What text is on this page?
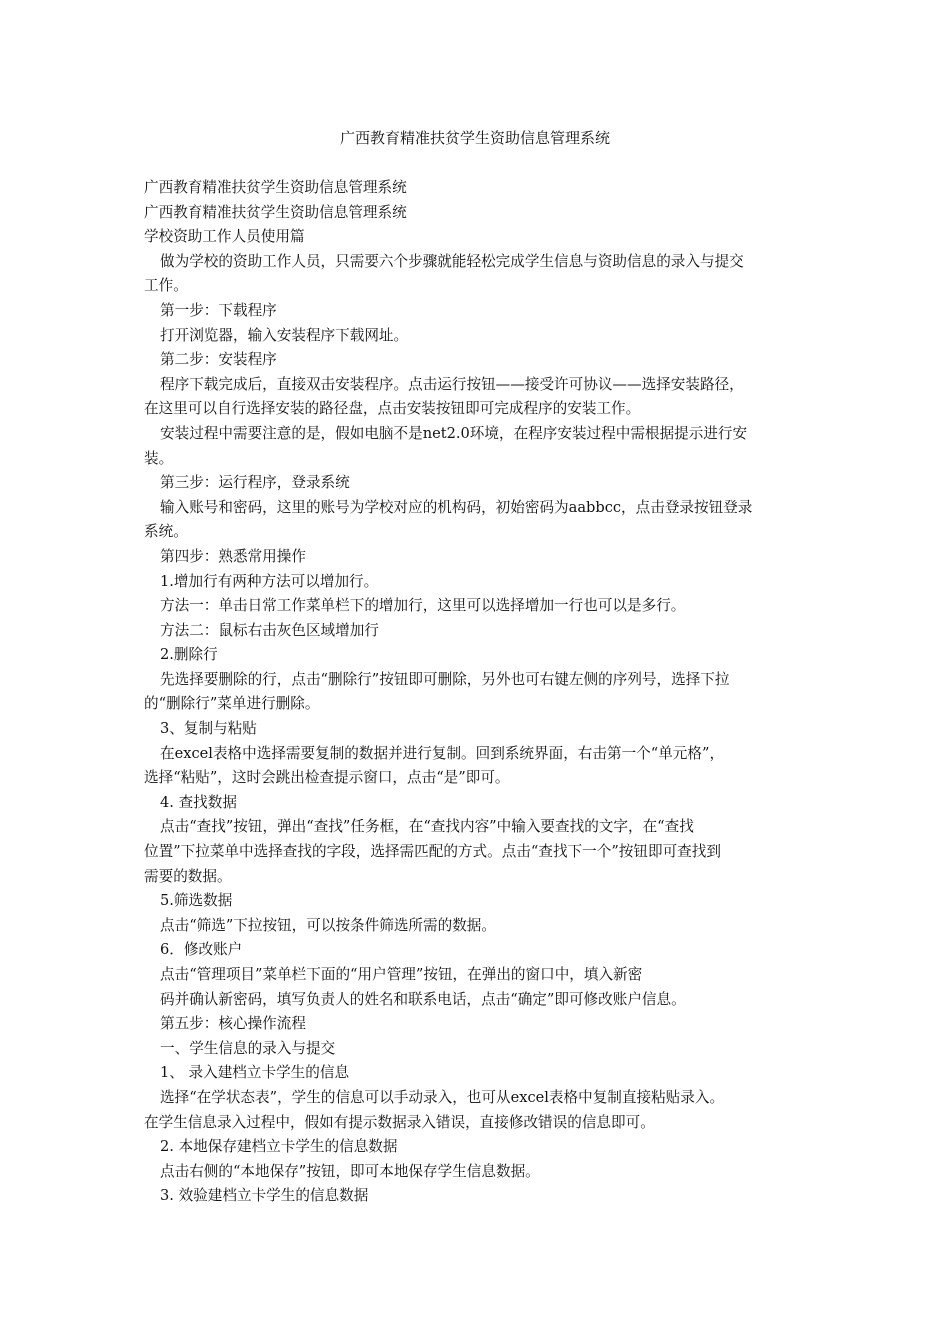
广西教育精准扶贫学生资助信息管理系统

广西教育精准扶贫学生资助信息管理系统

广西教育精准扶贫学生资助信息管理系统

学校资助工作人员使用篇

做为学校的资助工作人员，只需要六个步骤就能轻松完成学生信息与资助信息的录入与提交

工作。

第一步：下载程序

打开浏览器，输入安装程序下载网址。

第二步：安装程序

程序下载完成后，直接双击安装程序。点击运行按钮——接受许可协议——选择安装路径，

在这里可以自行选择安装的路径盘，点击安装按钮即可完成程序的安装工作。

安装过程中需要注意的是，假如电脑不是net2.0环境，在程序安装过程中需根据提示进行安

装。

第三步：运行程序，登录系统

输入账号和密码，这里的账号为学校对应的机构码，初始密码为aabbcc，点击登录按钮登录

系统。

第四步：熟悉常用操作

1.增加行有两种方法可以增加行。

方法一：单击日常工作菜单栏下的增加行，这里可以选择增加一行也可以是多行。

方法二：鼠标右击灰色区域增加行

2.删除行

先选择要删除的行，点击“删除行”按钮即可删除，另外也可右键左侧的序列号，选择下拉

的“删除行”菜单进行删除。

3、复制与粘贴

在excel表格中选择需要复制的数据并进行复制。回到系统界面，右击第一个“单元格”，

选择“粘贴”，这时会跳出检查提示窗口，点击“是”即可。

4. 查找数据

点击“查找”按钮，弹出“查找”任务框，在“查找内容”中输入要查找的文字，在“查找

位置”下拉菜单中选择查找的字段，选择需匹配的方式。点击“查找下一个”按钮即可查找到

需要的数据。

5.筛选数据

点击“筛选”下拉按钮，可以按条件筛选所需的数据。

6．修改账户

点击“管理项目”菜单栏下面的“用户管理”按钮，在弹出的窗口中，填入新密

码并确认新密码，填写负责人的姓名和联系电话，点击“确定”即可修改账户信息。

第五步：核心操作流程

一、学生信息的录入与提交

1、 录入建档立卡学生的信息

选择“在学状态表”，学生的信息可以手动录入，也可从excel表格中复制直接粘贴录入。

在学生信息录入过程中，假如有提示数据录入错误，直接修改错误的信息即可。

2. 本地保存建档立卡学生的信息数据

点击右侧的“本地保存”按钮，即可本地保存学生信息数据。

3. 效验建档立卡学生的信息数据
